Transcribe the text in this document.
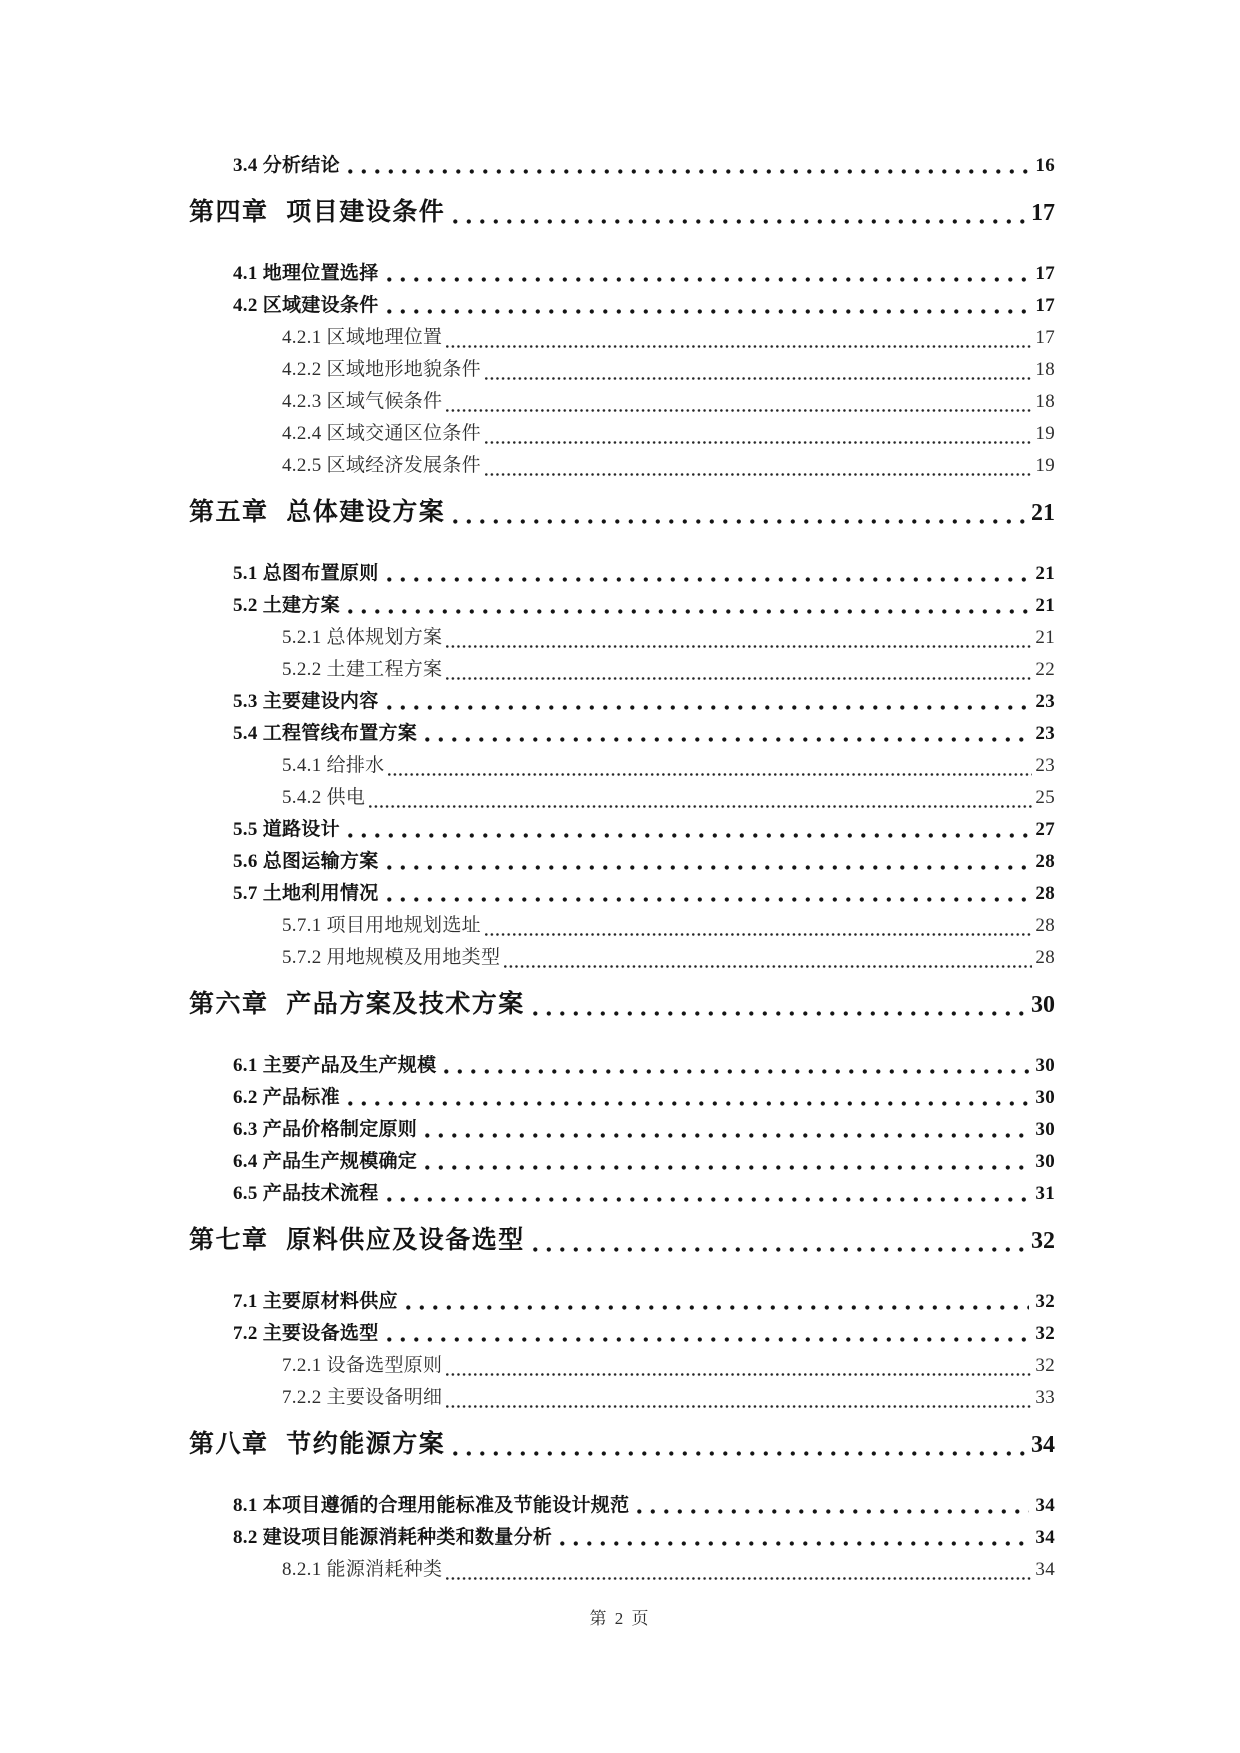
3.4 分析结论	16
第四章 项目建设条件	17
4.1 地理位置选择	17
4.2 区域建设条件	17
4.2.1 区域地理位置	17
4.2.2 区域地形地貌条件	18
4.2.3 区域气候条件	18
4.2.4 区域交通区位条件	19
4.2.5 区域经济发展条件	19
第五章 总体建设方案	21
5.1 总图布置原则	21
5.2 土建方案	21
5.2.1 总体规划方案	21
5.2.2 土建工程方案	22
5.3 主要建设内容	23
5.4 工程管线布置方案	23
5.4.1 给排水	23
5.4.2 供电	25
5.5 道路设计	27
5.6 总图运输方案	28
5.7 土地利用情况	28
5.7.1 项目用地规划选址	28
5.7.2 用地规模及用地类型	28
第六章 产品方案及技术方案	30
6.1 主要产品及生产规模	30
6.2 产品标准	30
6.3 产品价格制定原则	30
6.4 产品生产规模确定	30
6.5 产品技术流程	31
第七章 原料供应及设备选型	32
7.1 主要原材料供应	32
7.2 主要设备选型	32
7.2.1 设备选型原则	32
7.2.2 主要设备明细	33
第八章 节约能源方案	34
8.1 本项目遵循的合理用能标准及节能设计规范	34
8.2 建设项目能源消耗种类和数量分析	34
8.2.1 能源消耗种类	34
第 2 页
